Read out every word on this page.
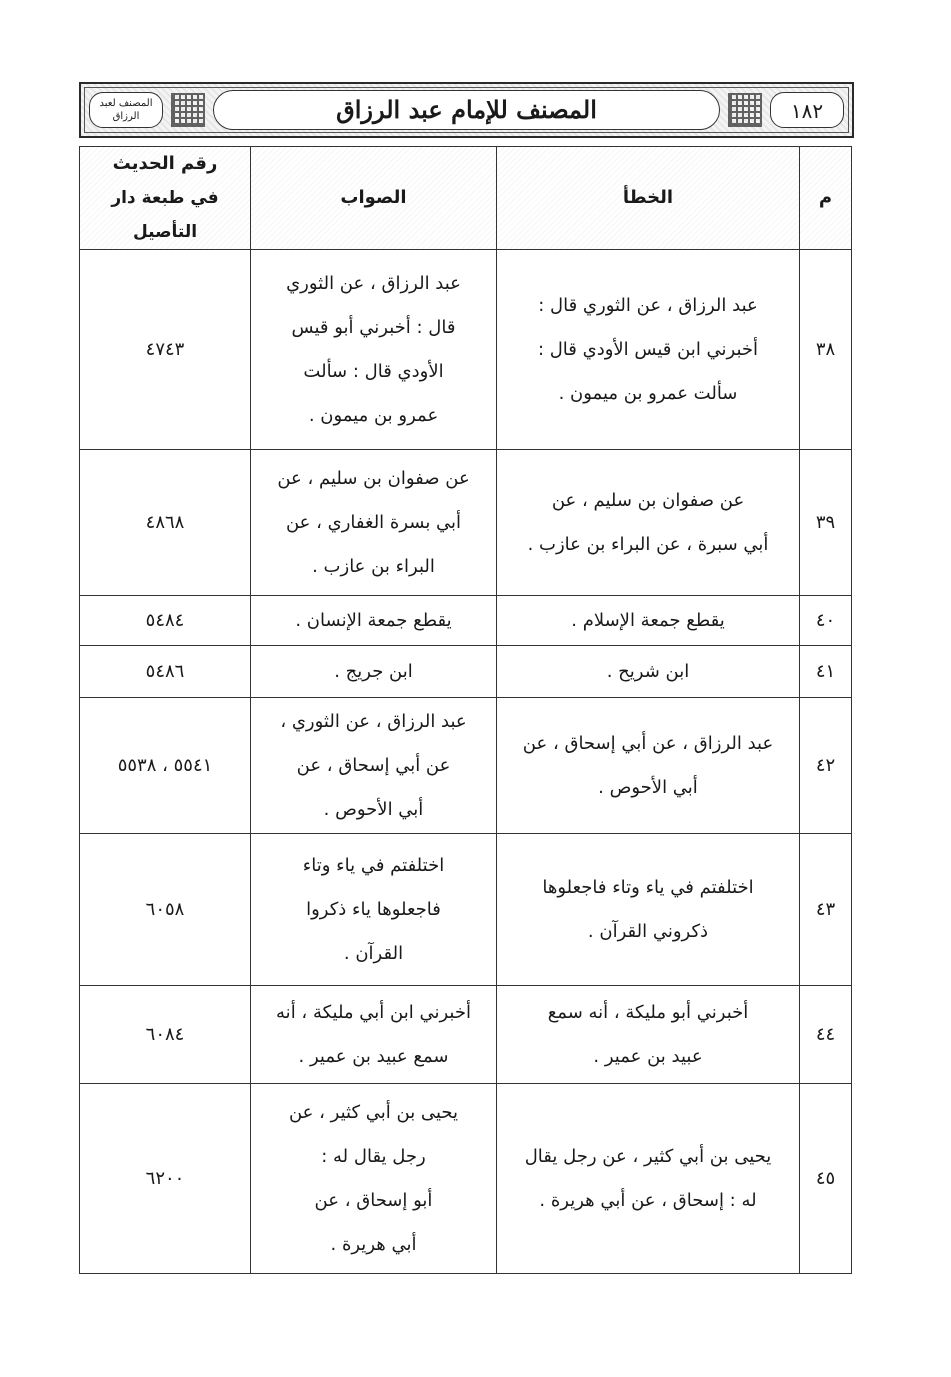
المصنف لعبد الرزاق	المصنف للإمام عبد الرزاق	١٨٢
م	الخطأ	الصواب	رقم الحديث
في طبعة دار التأصيل

٣٨	عبد الرزاق ، عن الثوري قال :
أخبرني ابن قيس الأودي قال :
سألت عمرو بن ميمون .	عبد الرزاق ، عن الثوري
قال : أخبرني أبو قيس
الأودي قال : سألت
عمرو بن ميمون .	٤٧٤٣
٣٩	عن صفوان بن سليم ، عن
أبي سبرة ، عن البراء بن عازب .	عن صفوان بن سليم ، عن
أبي بسرة الغفاري ، عن
البراء بن عازب .	٤٨٦٨
٤٠	يقطع جمعة الإسلام .	يقطع جمعة الإنسان .	٥٤٨٤
٤١	ابن شريح .	ابن جريج .	٥٤٨٦
٤٢	عبد الرزاق ، عن أبي إسحاق ، عن
أبي الأحوص .	عبد الرزاق ، عن الثوري ،
عن أبي إسحاق ، عن
أبي الأحوص .	٥٥٤١ ، ٥٥٣٨
٤٣	اختلفتم في ياء وتاء فاجعلوها
ذكروني القرآن .	اختلفتم في ياء وتاء
فاجعلوها ياء ذكروا
القرآن .	٦٠٥٨
٤٤	أخبرني أبو مليكة ، أنه سمع
عبيد بن عمير .	أخبرني ابن أبي مليكة ، أنه
سمع عبيد بن عمير .	٦٠٨٤
٤٥	يحيى بن أبي كثير ، عن رجل يقال
له : إسحاق ، عن أبي هريرة .	يحيى بن أبي كثير ، عن
رجل يقال له :
أبو إسحاق ، عن
أبي هريرة .	٦٢٠٠
